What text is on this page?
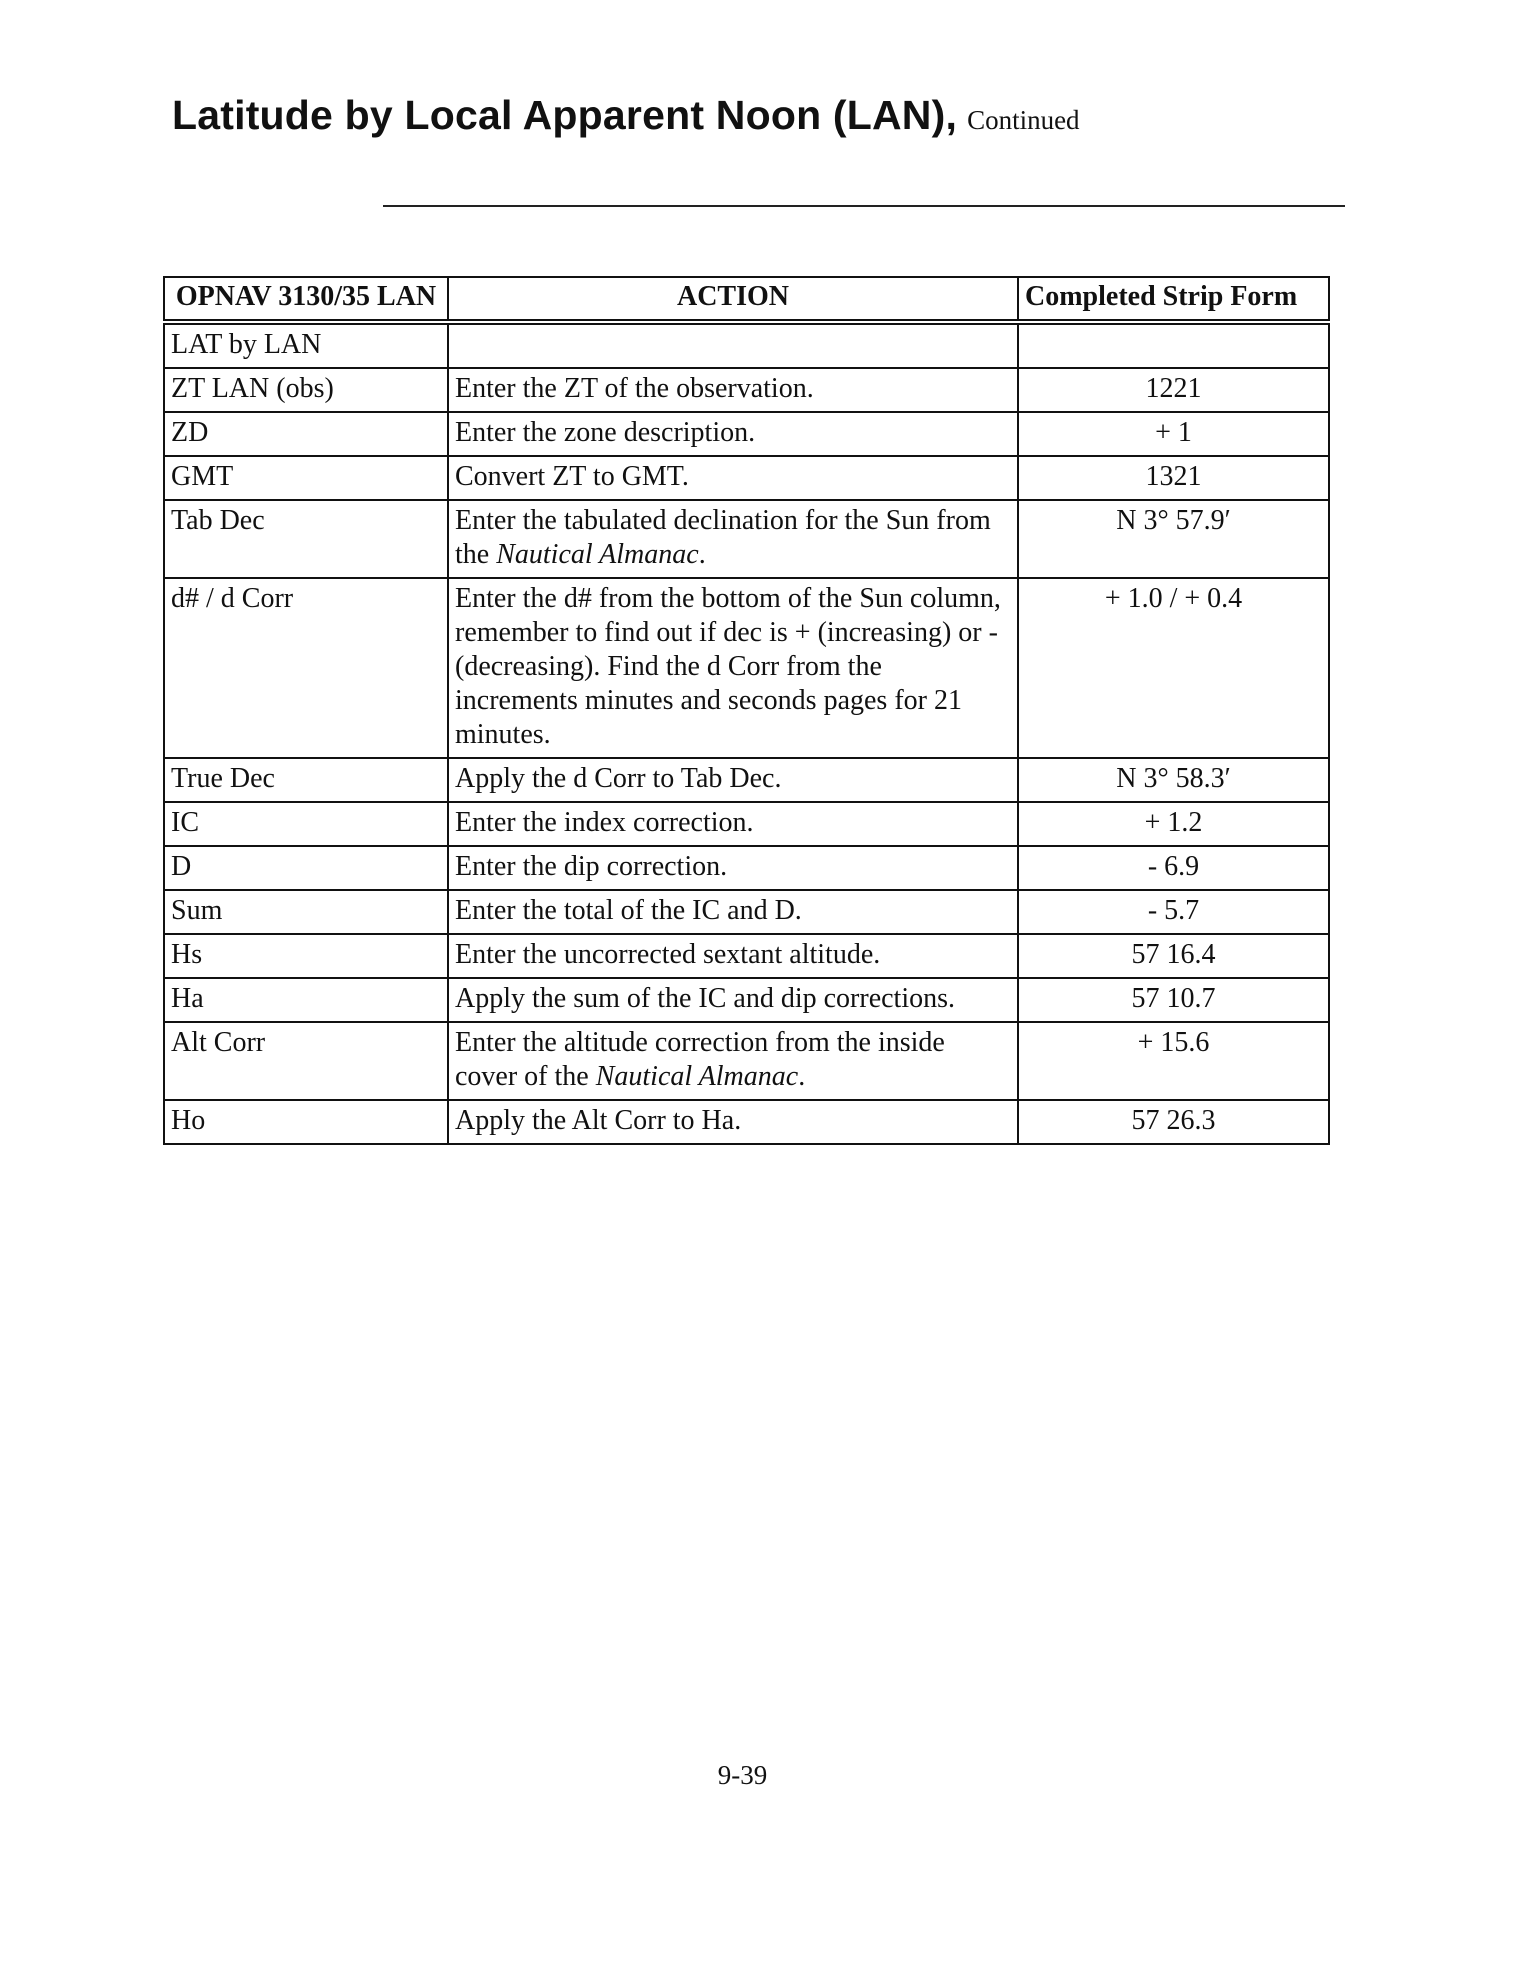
Latitude by Local Apparent Noon (LAN), Continued
OPNAV 3130/35 LAN	ACTION	Completed Strip Form
LAT by LAN		
ZT LAN (obs)	Enter the ZT of the observation.	1221
ZD	Enter the zone description.	+ 1
GMT	Convert ZT to GMT.	1321
Tab Dec	Enter the tabulated declination for the Sun from the Nautical Almanac.	N 3° 57.9′
d# / d Corr	Enter the d# from the bottom of the Sun column, remember to find out if dec is + (increasing) or - (decreasing). Find the d Corr from the increments minutes and seconds pages for 21 minutes.	+ 1.0 / + 0.4
True Dec	Apply the d Corr to Tab Dec.	N 3° 58.3′
IC	Enter the index correction.	+ 1.2
D	Enter the dip correction.	- 6.9
Sum	Enter the total of the IC and D.	- 5.7
Hs	Enter the uncorrected sextant altitude.	57 16.4
Ha	Apply the sum of the IC and dip corrections.	57 10.7
Alt Corr	Enter the altitude correction from the inside cover of the Nautical Almanac.	+ 15.6
Ho	Apply the Alt Corr to Ha.	57 26.3
9-39
